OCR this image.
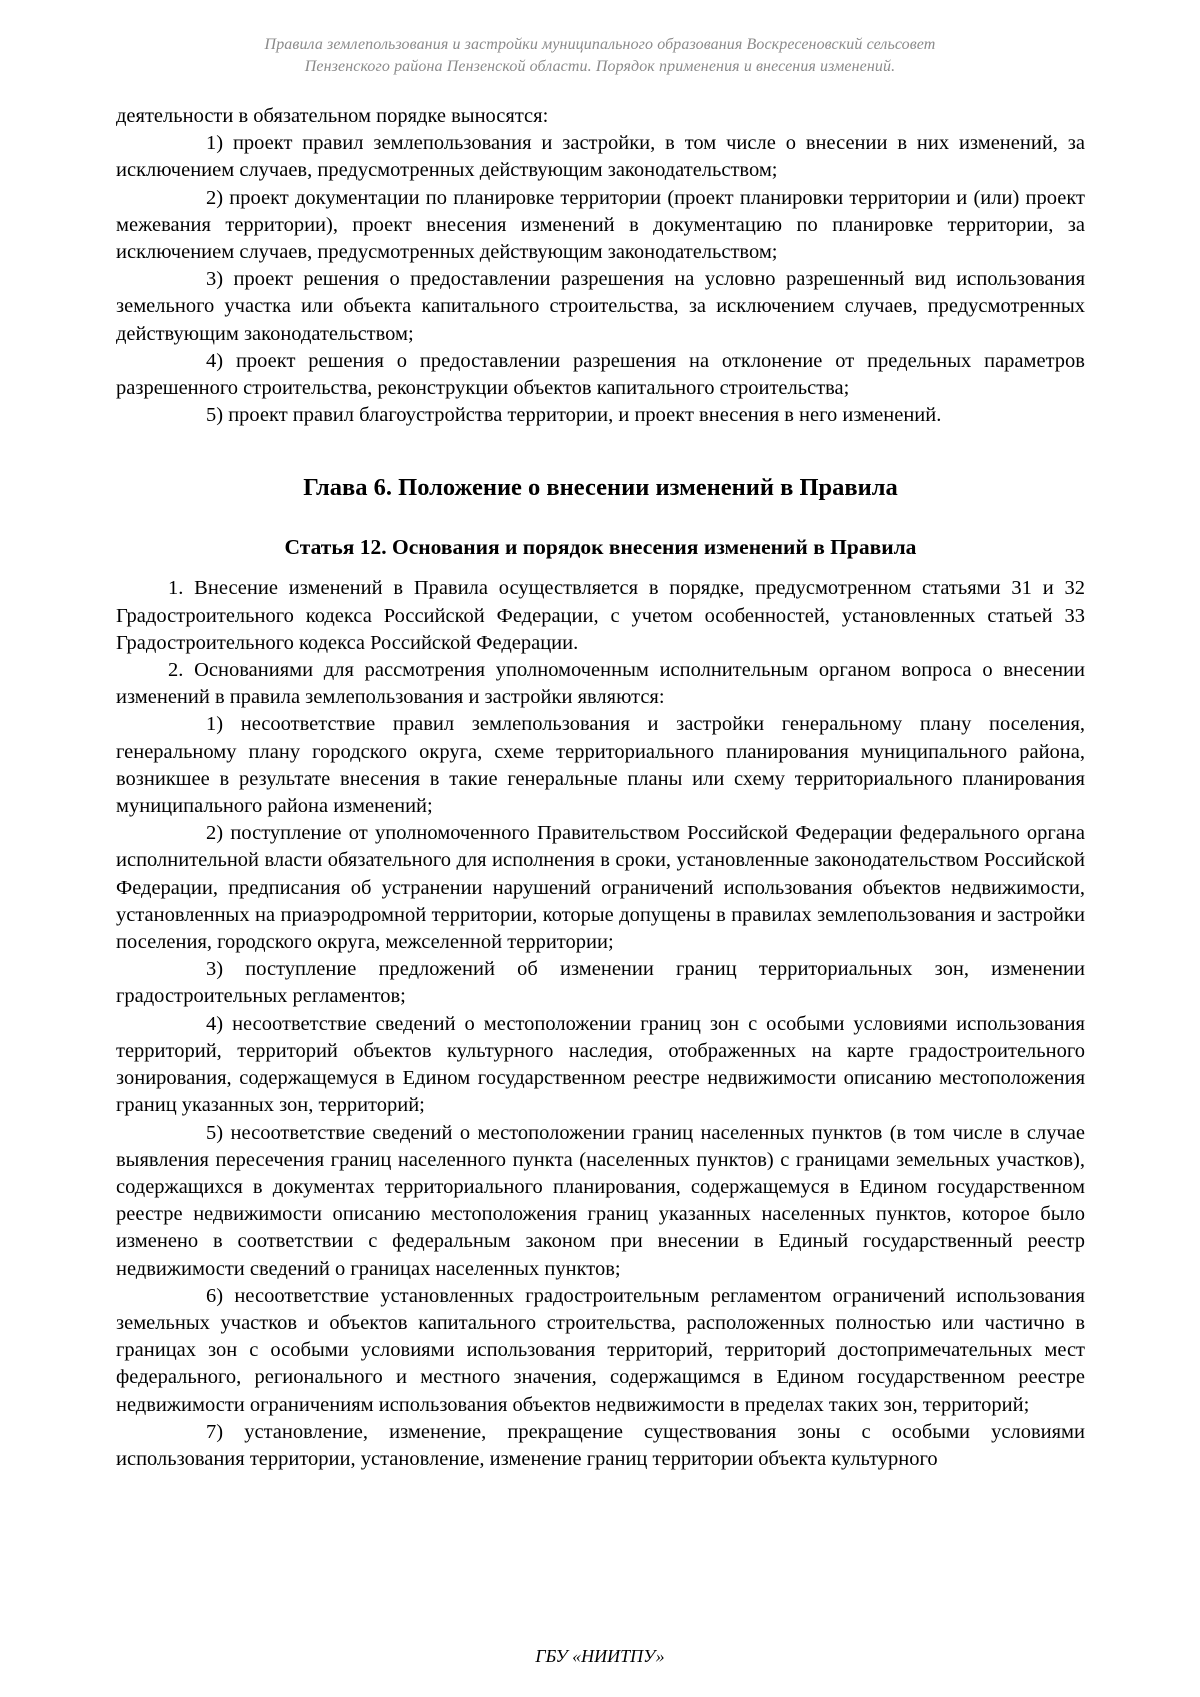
Правила землепользования и застройки муниципального образования Воскресеновский сельсовет
Пензенского района Пензенской области. Порядок применения и внесения изменений.

деятельности в обязательном порядке выносятся:

1) проект правил землепользования и застройки, в том числе о внесении в них изменений, за исключением случаев, предусмотренных действующим законодательством;

2) проект документации по планировке территории (проект планировки территории и (или) проект межевания территории), проект внесения изменений в документацию по планировке территории, за исключением случаев, предусмотренных действующим законодательством;

3) проект решения о предоставлении разрешения на условно разрешенный вид использования земельного участка или объекта капитального строительства, за исключением случаев, предусмотренных действующим законодательством;

4) проект решения о предоставлении разрешения на отклонение от предельных параметров разрешенного строительства, реконструкции объектов капитального строительства;

5) проект правил благоустройства территории, и проект внесения в него изменений.

Глава 6. Положение о внесении изменений в Правила
Статья 12. Основания и порядок внесения изменений в Правила

1. Внесение изменений в Правила осуществляется в порядке, предусмотренном статьями 31 и 32 Градостроительного кодекса Российской Федерации, с учетом особенностей, установленных статьей 33 Градостроительного кодекса Российской Федерации.

2. Основаниями для рассмотрения уполномоченным исполнительным органом вопроса о внесении изменений в правила землепользования и застройки являются:

1) несоответствие правил землепользования и застройки генеральному плану поселения, генеральному плану городского округа, схеме территориального планирования муниципального района, возникшее в результате внесения в такие генеральные планы или схему территориального планирования муниципального района изменений;

2) поступление от уполномоченного Правительством Российской Федерации федерального органа исполнительной власти обязательного для исполнения в сроки, установленные законодательством Российской Федерации, предписания об устранении нарушений ограничений использования объектов недвижимости, установленных на приаэродромной территории, которые допущены в правилах землепользования и застройки поселения, городского округа, межселенной территории;

3) поступление предложений об изменении границ территориальных зон, изменении градостроительных регламентов;

4) несоответствие сведений о местоположении границ зон с особыми условиями использования территорий, территорий объектов культурного наследия, отображенных на карте градостроительного зонирования, содержащемуся в Едином государственном реестре недвижимости описанию местоположения границ указанных зон, территорий;

5) несоответствие сведений о местоположении границ населенных пунктов (в том числе в случае выявления пересечения границ населенного пункта (населенных пунктов) с границами земельных участков), содержащихся в документах территориального планирования, содержащемуся в Едином государственном реестре недвижимости описанию местоположения границ указанных населенных пунктов, которое было изменено в соответствии с федеральным законом при внесении в Единый государственный реестр недвижимости сведений о границах населенных пунктов;

6) несоответствие установленных градостроительным регламентом ограничений использования земельных участков и объектов капитального строительства, расположенных полностью или частично в границах зон с особыми условиями использования территорий, территорий достопримечательных мест федерального, регионального и местного значения, содержащимся в Едином государственном реестре недвижимости ограничениям использования объектов недвижимости в пределах таких зон, территорий;

7) установление, изменение, прекращение существования зоны с особыми условиями использования территории, установление, изменение границ территории объекта культурного

ГБУ «НИИТПУ»
